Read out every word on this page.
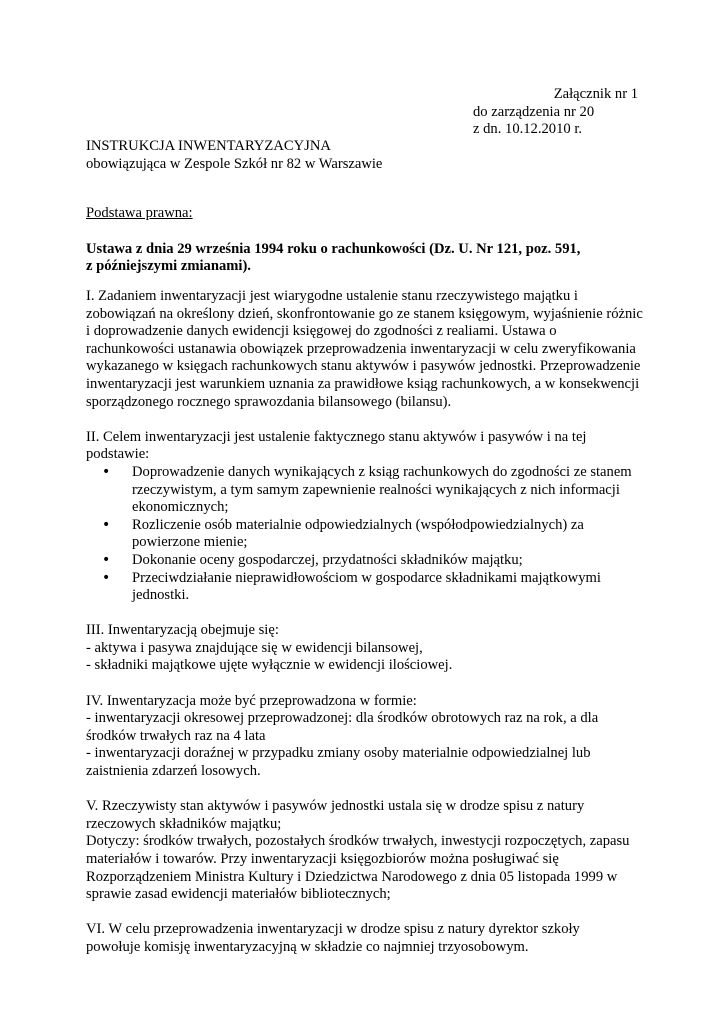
Załącznik nr 1
do zarządzenia nr 20
z dn. 10.12.2010 r.
INSTRUKCJA INWENTARYZACYJNA
obowiązująca w Zespole Szkół nr 82 w Warszawie
Podstawa prawna:
Ustawa z dnia 29 września 1994 roku o rachunkowości (Dz. U. Nr 121, poz. 591,
z późniejszymi zmianami).

I. Zadaniem inwentaryzacji jest wiarygodne ustalenie stanu rzeczywistego majątku i zobowiązań na określony dzień, skonfrontowanie go ze stanem księgowym, wyjaśnienie różnic i doprowadzenie danych ewidencji księgowej do zgodności z realiami. Ustawa o rachunkowości ustanawia obowiązek przeprowadzenia inwentaryzacji w celu zweryfikowania wykazanego w księgach rachunkowych stanu aktywów i pasywów jednostki. Przeprowadzenie inwentaryzacji jest warunkiem uznania za prawidłowe ksiąg rachunkowych, a w konsekwencji sporządzonego rocznego sprawozdania bilansowego (bilansu).

II. Celem inwentaryzacji jest ustalenie faktycznego stanu aktywów i pasywów i na tej podstawie:

• Doprowadzenie danych wynikających z ksiąg rachunkowych do zgodności ze stanem rzeczywistym, a tym samym zapewnienie realności wynikających z nich informacji ekonomicznych;
• Rozliczenie osób materialnie odpowiedzialnych (współodpowiedzialnych) za powierzone mienie;
• Dokonanie oceny gospodarczej, przydatności składników majątku;
• Przeciwdziałanie nieprawidłowościom w gospodarce składnikami majątkowymi jednostki.

III. Inwentaryzacją obejmuje się:

- aktywa i pasywa znajdujące się w ewidencji bilansowej,

- składniki majątkowe ujęte wyłącznie w ewidencji ilościowej.

IV. Inwentaryzacja może być przeprowadzona w formie:

- inwentaryzacji okresowej przeprowadzonej: dla środków obrotowych raz na rok, a dla

środków trwałych raz na 4 lata

- inwentaryzacji doraźnej w przypadku zmiany osoby materialnie odpowiedzialnej lub

zaistnienia zdarzeń losowych.

V. Rzeczywisty stan aktywów i pasywów jednostki ustala się w drodze spisu z natury

rzeczowych składników majątku;

Dotyczy: środków trwałych, pozostałych środków trwałych, inwestycji rozpoczętych, zapasu materiałów i towarów. Przy inwentaryzacji księgozbiorów można posługiwać się Rozporządzeniem Ministra Kultury i Dziedzictwa Narodowego z dnia 05 listopada 1999 w sprawie zasad ewidencji materiałów bibliotecznych;

VI. W celu przeprowadzenia inwentaryzacji w drodze spisu z natury dyrektor szkoły

powołuje komisję inwentaryzacyjną w składzie co najmniej trzyosobowym.
